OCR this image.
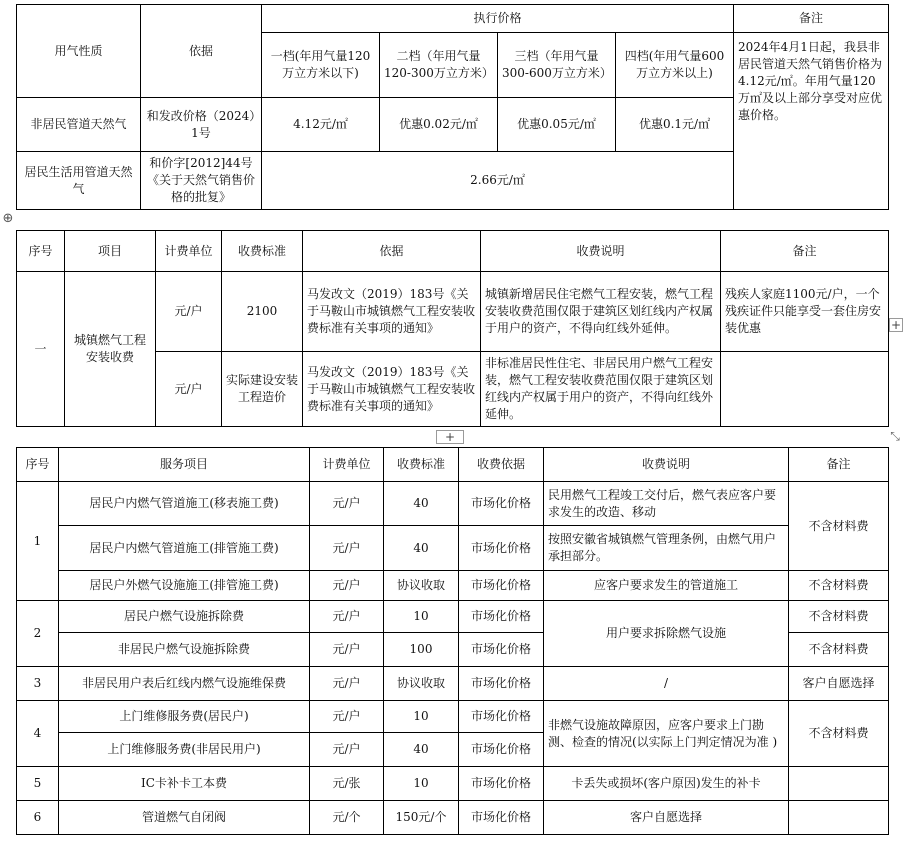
用气性质	依据	执行价格				备注
		一档(年用气量120万立方米以下)	二档（年用气量120-300万立方米）	三档（年用气量300-600万立方米）	四档(年用气量600万立方米以上)	2024年4月1日起，我县非居民管道天然气销售价格为4.12元/㎡。年用气量120万㎡及以上部分享受对应优惠价格。
非居民管道天然气	和发改价格（2024）1号	4.12元/㎡	优惠0.02元/㎡	优惠0.05元/㎡	优惠0.1元/㎡	
居民生活用管道天然气	和价字[2012]44号《关于天然气销售价格的批复》	2.66元/㎡				
⊕
序号	项目	计费单位	收费标准	依据	收费说明	备注
一	城镇燃气工程安装收费	元/户	2100	马发改文（2019）183号《关于马鞍山市城镇燃气工程安装收费标准有关事项的通知》	城镇新增居民住宅燃气工程安装，燃气工程安装收费范围仅限于建筑区划红线内产权属于用户的资产，不得向红线外延伸。	残疾人家庭1100元/户，一个残疾证件只能享受一套住房安装优惠
		元/户	实际建设安装工程造价	马发改文（2019）183号《关于马鞍山市城镇燃气工程安装收费标准有关事项的通知》	非标准居民性住宅、非居民用户燃气工程安装，燃气工程安装收费范围仅限于建筑区划红线内产权属于用户的资产，不得向红线外延伸。	
+
+	⤡
序号	服务项目	计费单位	收费标准	收费依据	收费说明	备注
1	居民户内燃气管道施工(移表施工费)	元/户	40	市场化价格	民用燃气工程竣工交付后，燃气表应客户要求发生的改造、移动	不含材料费
	居民户内燃气管道施工(排管施工费)	元/户	40	市场化价格	按照安徽省城镇燃气管理条例，由燃气用户承担部分。	
	居民户外燃气设施施工(排管施工费)	元/户	协议收取	市场化价格	应客户要求发生的管道施工	不含材料费
2	居民户燃气设施拆除费	元/户	10	市场化价格	用户要求拆除燃气设施	不含材料费
	非居民户燃气设施拆除费	元/户	100	市场化价格		不含材料费
3	非居民用户表后红线内燃气设施维保费	元/户	协议收取	市场化价格	/	客户自愿选择
4	上门维修服务费(居民户)	元/户	10	市场化价格	非燃气设施故障原因，应客户要求上门勘测、检查的情况(以实际上门判定情况为准 )	不含材料费
	上门维修服务费(非居民用户)	元/户	40	市场化价格		
5	IC卡补卡工本费	元/张	10	市场化价格	卡丢失或损坏(客户原因)发生的补卡	
6	管道燃气自闭阀	元/个	150元/个	市场化价格	客户自愿选择	
